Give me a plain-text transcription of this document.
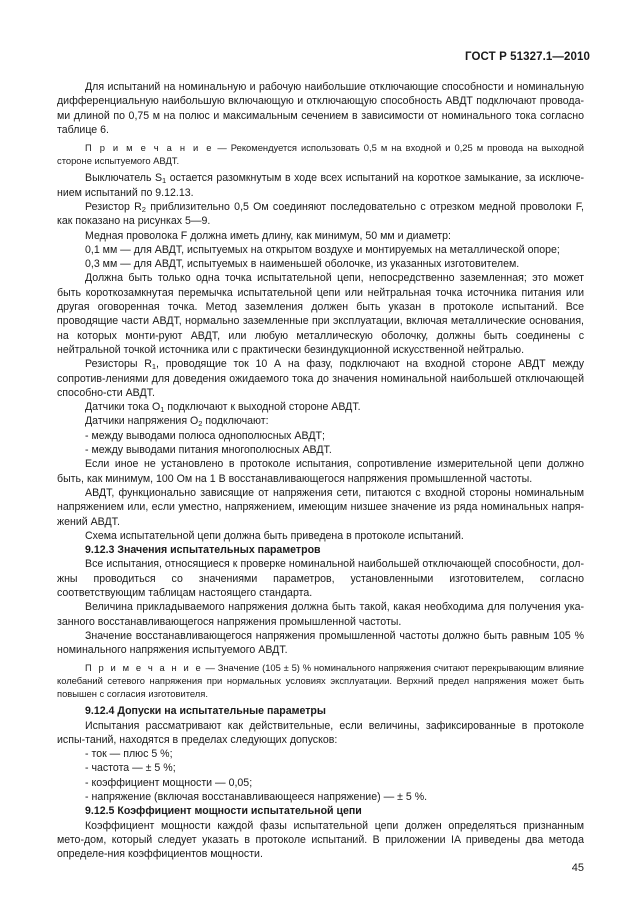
ГОСТ Р 51327.1—2010

Для испытаний на номинальную и рабочую наибольшие отключающие способности и номинальную дифференциальную наибольшую включающую и отключающую способность АВДТ подключают провода-ми длиной по 0,75 м на полюс и максимальным сечением в зависимости от номинального тока согласно таблице 6.

П р и м е ч а н и е — Рекомендуется использовать 0,5 м на входной и 0,25 м провода на выходной стороне испытуемого АВДТ.

Выключатель $S_1$ остается разомкнутым в ходе всех испытаний на короткое замыкание, за исключе-нием испытаний по 9.12.13.

Резистор $R_2$ приблизительно 0,5 Ом соединяют последовательно с отрезком медной проволоки F, как показано на рисунках 5—9.

Медная проволока F должна иметь длину, как минимум, 50 мм и диаметр:

0,1 мм — для АВДТ, испытуемых на открытом воздухе и монтируемых на металлической опоре;

0,3 мм — для АВДТ, испытуемых в наименьшей оболочке, из указанных изготовителем.

Должна быть только одна точка испытательной цепи, непосредственно заземленная; это может быть короткозамкнутая перемычка испытательной цепи или нейтральная точка источника питания или другая оговоренная точка. Метод заземления должен быть указан в протоколе испытаний. Все проводящие части АВДТ, нормально заземленные при эксплуатации, включая металлические основания, на которых монти-руют АВДТ, или любую металлическую оболочку, должны быть соединены с нейтральной точкой источника или с практически безиндукционной искусственной нейтралью.

Резисторы $R_1$, проводящие ток 10 А на фазу, подключают на входной стороне АВДТ между сопротив-лениями для доведения ожидаемого тока до значения номинальной наибольшей отключающей способно-сти АВДТ.

Датчики тока $O_1$ подключают к выходной стороне АВДТ.

Датчики напряжения $O_2$ подключают:

- между выводами полюса однополюсных АВДТ;

- между выводами питания многополюсных АВДТ.

Если иное не установлено в протоколе испытания, сопротивление измерительной цепи должно быть, как минимум, 100 Ом на 1 В восстанавливающегося напряжения промышленной частоты.

АВДТ, функционально зависящие от напряжения сети, питаются с входной стороны номинальным напряжением или, если уместно, напряжением, имеющим низшее значение из ряда номинальных напря-жений АВДТ.

Схема испытательной цепи должна быть приведена в протоколе испытаний.

9.12.3 Значения испытательных параметров

Все испытания, относящиеся к проверке номинальной наибольшей отключающей способности, дол-жны проводиться со значениями параметров, установленными изготовителем, согласно соответствующим таблицам настоящего стандарта.

Величина прикладываемого напряжения должна быть такой, какая необходима для получения ука-занного восстанавливающегося напряжения промышленной частоты.

Значение восстанавливающегося напряжения промышленной частоты должно быть равным 105 % номинального напряжения испытуемого АВДТ.

П р и м е ч а н и е — Значение (105 ± 5) % номинального напряжения считают перекрывающим влияние колебаний сетевого напряжения при нормальных условиях эксплуатации. Верхний предел напряжения может быть повышен с согласия изготовителя.

9.12.4 Допуски на испытательные параметры

Испытания рассматривают как действительные, если величины, зафиксированные в протоколе испы-таний, находятся в пределах следующих допусков:

- ток — плюс 5 %;

- частота — ± 5 %;

- коэффициент мощности — 0,05;

- напряжение (включая восстанавливающееся напряжение) — ± 5 %.

9.12.5 Коэффициент мощности испытательной цепи

Коэффициент мощности каждой фазы испытательной цепи должен определяться признанным мето-дом, который следует указать в протоколе испытаний. В приложении IA приведены два метода определе-ния коэффициентов мощности.

45
